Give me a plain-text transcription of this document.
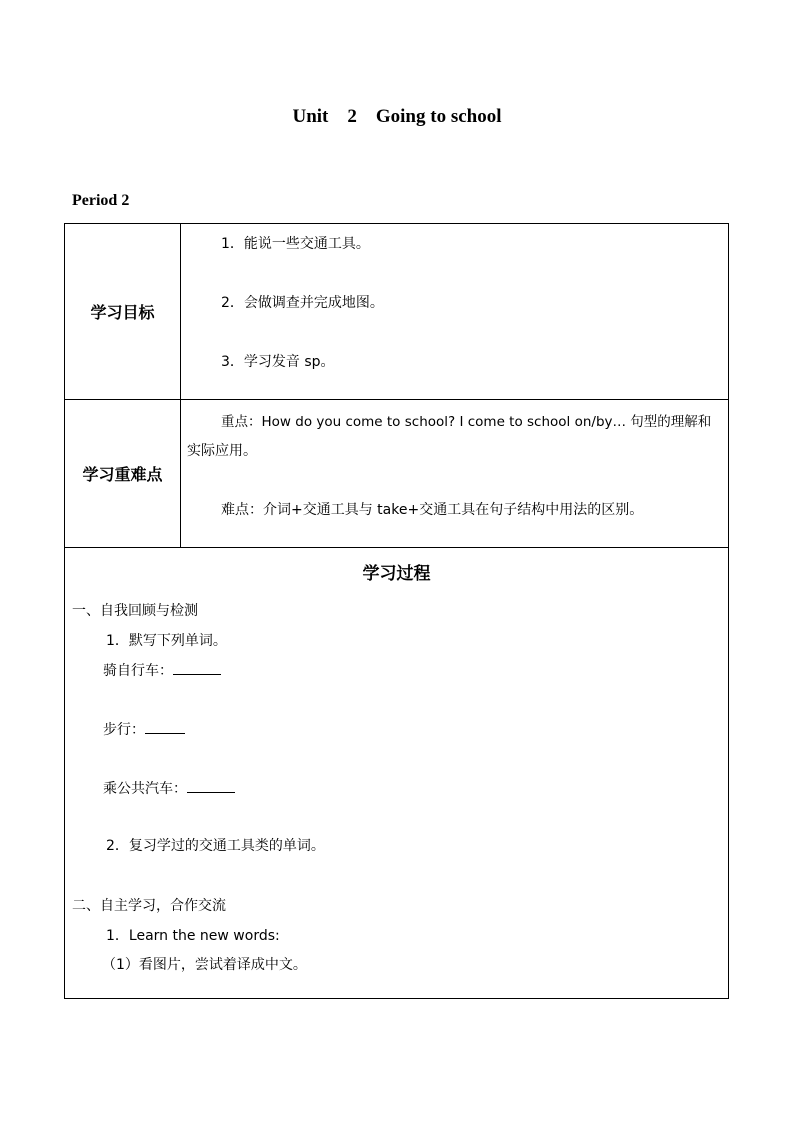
Unit    2    Going to school
Period 2
学习目标
1．能说一些交通工具。
2．会做调查并完成地图。
3．学习发音 sp。
学习重难点
重点：How do you come to school? I come to school on/by… 句型的理解和
实际应用。
难点：介词+交通工具与 take+交通工具在句子结构中用法的区别。
学习过程
一、自我回顾与检测
1．默写下列单词。
骑自行车：
步行：
乘公共汽车：
2．复习学过的交通工具类的单词。
二、自主学习，合作交流
1．Learn the new words:
（1）看图片，尝试着译成中文。
